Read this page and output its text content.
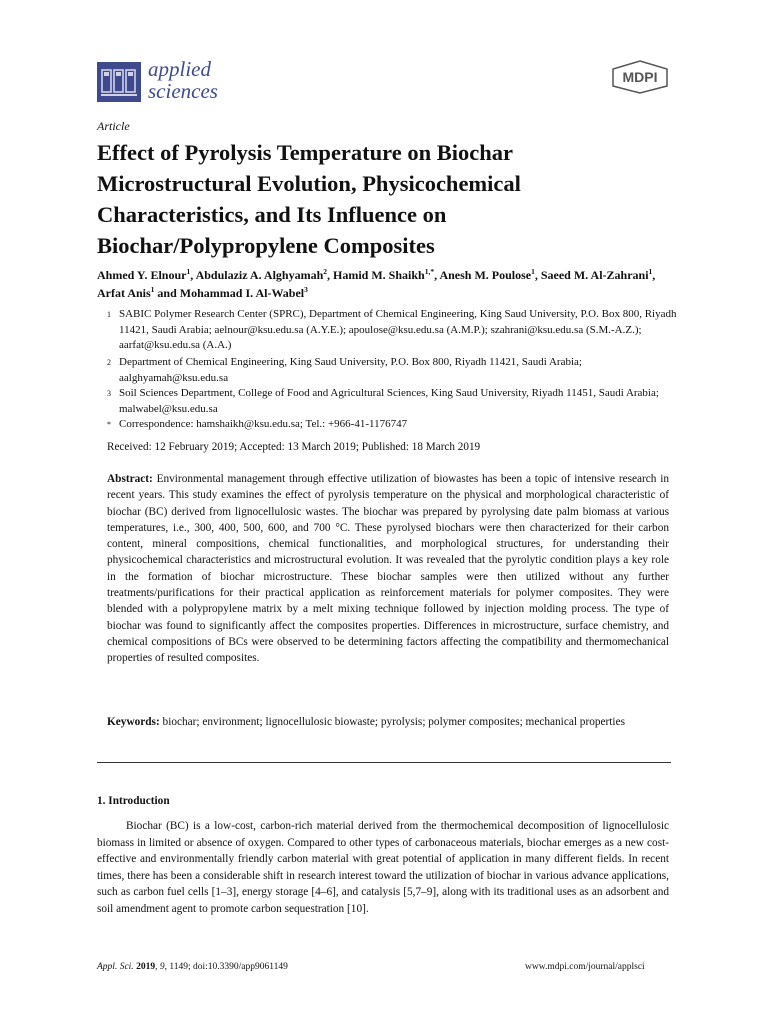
applied
sciences
MDPI
Article
Effect of Pyrolysis Temperature on Biochar Microstructural Evolution, Physicochemical Characteristics, and Its Influence on Biochar/Polypropylene Composites
Ahmed Y. Elnour$^1$, Abdulaziz A. Alghyamah$^2$, Hamid M. Shaikh$^{1,*}$, Anesh M. Poulose$^1$, Saeed M. Al-Zahrani$^1$, Arfat Anis$^1$ and Mohammad I. Al-Wabel$^3$
1 SABIC Polymer Research Center (SPRC), Department of Chemical Engineering, King Saud University, P.O. Box 800, Riyadh 11421, Saudi Arabia; aelnour@ksu.edu.sa (A.Y.E.); apoulose@ksu.edu.sa (A.M.P.); szahrani@ksu.edu.sa (S.M.-A.Z.); aarfat@ksu.edu.sa (A.A.)
2 Department of Chemical Engineering, King Saud University, P.O. Box 800, Riyadh 11421, Saudi Arabia; aalghyamah@ksu.edu.sa
3 Soil Sciences Department, College of Food and Agricultural Sciences, King Saud University, Riyadh 11451, Saudi Arabia; malwabel@ksu.edu.sa
* Correspondence: hamshaikh@ksu.edu.sa; Tel.: +966-41-1176747
Received: 12 February 2019; Accepted: 13 March 2019; Published: 18 March 2019
Abstract: Environmental management through effective utilization of biowastes has been a topic of intensive research in recent years. This study examines the effect of pyrolysis temperature on the physical and morphological characteristic of biochar (BC) derived from lignocellulosic wastes. The biochar was prepared by pyrolysing date palm biomass at various temperatures, i.e., 300, 400, 500, 600, and 700 °C. These pyrolysed biochars were then characterized for their carbon content, mineral compositions, chemical functionalities, and morphological structures, for understanding their physicochemical characteristics and microstructural evolution. It was revealed that the pyrolytic condition plays a key role in the formation of biochar microstructure. These biochar samples were then utilized without any further treatments/purifications for their practical application as reinforcement materials for polymer composites. They were blended with a polypropylene matrix by a melt mixing technique followed by injection molding process. The type of biochar was found to significantly affect the composites properties. Differences in microstructure, surface chemistry, and chemical compositions of BCs were observed to be determining factors affecting the compatibility and thermomechanical properties of resulted composites.
Keywords: biochar; environment; lignocellulosic biowaste; pyrolysis; polymer composites; mechanical properties
1. Introduction
Biochar (BC) is a low-cost, carbon-rich material derived from the thermochemical decomposition of lignocellulosic biomass in limited or absence of oxygen. Compared to other types of carbonaceous materials, biochar emerges as a new cost-effective and environmentally friendly carbon material with great potential of application in many different fields. In recent times, there has been a considerable shift in research interest toward the utilization of biochar in various advance applications, such as carbon fuel cells [1–3], energy storage [4–6], and catalysis [5,7–9], along with its traditional uses as an adsorbent and soil amendment agent to promote carbon sequestration [10].
Appl. Sci. 2019, 9, 1149; doi:10.3390/app9061149	www.mdpi.com/journal/applsci
